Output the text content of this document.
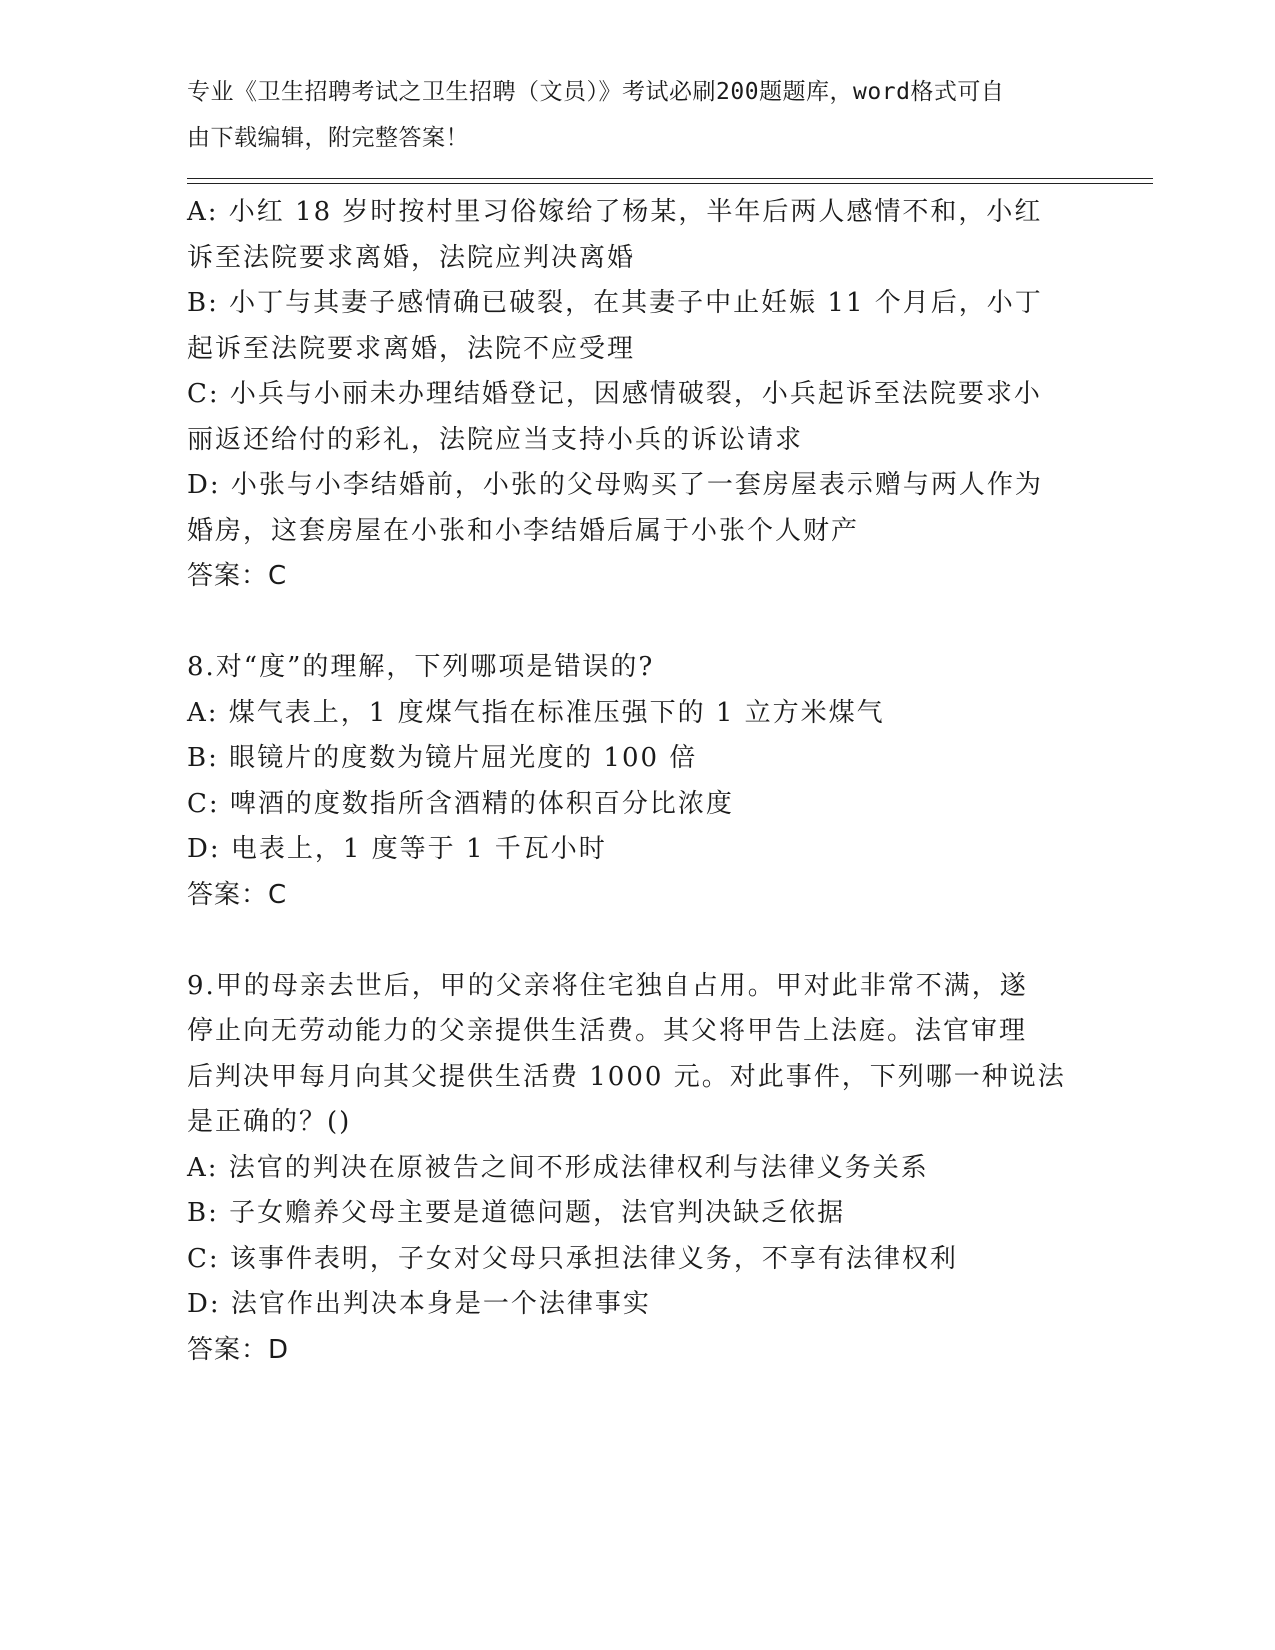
专业《卫生招聘考试之卫生招聘（文员）》考试必刷200题题库，word格式可自
由下载编辑，附完整答案！
A: 小红 18 岁时按村里习俗嫁给了杨某，半年后两人感情不和，小红
诉至法院要求离婚，法院应判决离婚
B: 小丁与其妻子感情确已破裂，在其妻子中止妊娠 11 个月后，小丁
起诉至法院要求离婚，法院不应受理
C: 小兵与小丽未办理结婚登记，因感情破裂，小兵起诉至法院要求小
丽返还给付的彩礼，法院应当支持小兵的诉讼请求
D: 小张与小李结婚前，小张的父母购买了一套房屋表示赠与两人作为
婚房，这套房屋在小张和小李结婚后属于小张个人财产
答案：C
8.对“度”的理解，下列哪项是错误的?
A: 煤气表上，1 度煤气指在标准压强下的 1 立方米煤气
B: 眼镜片的度数为镜片屈光度的 100 倍
C: 啤酒的度数指所含酒精的体积百分比浓度
D: 电表上，1 度等于 1 千瓦小时
答案：C
9.甲的母亲去世后，甲的父亲将住宅独自占用。甲对此非常不满，遂
停止向无劳动能力的父亲提供生活费。其父将甲告上法庭。法官审理
后判决甲每月向其父提供生活费 1000 元。对此事件，下列哪一种说法
是正确的？()
A: 法官的判决在原被告之间不形成法律权利与法律义务关系
B: 子女赡养父母主要是道德问题，法官判决缺乏依据
C: 该事件表明，子女对父母只承担法律义务，不享有法律权利
D: 法官作出判决本身是一个法律事实
答案：D
